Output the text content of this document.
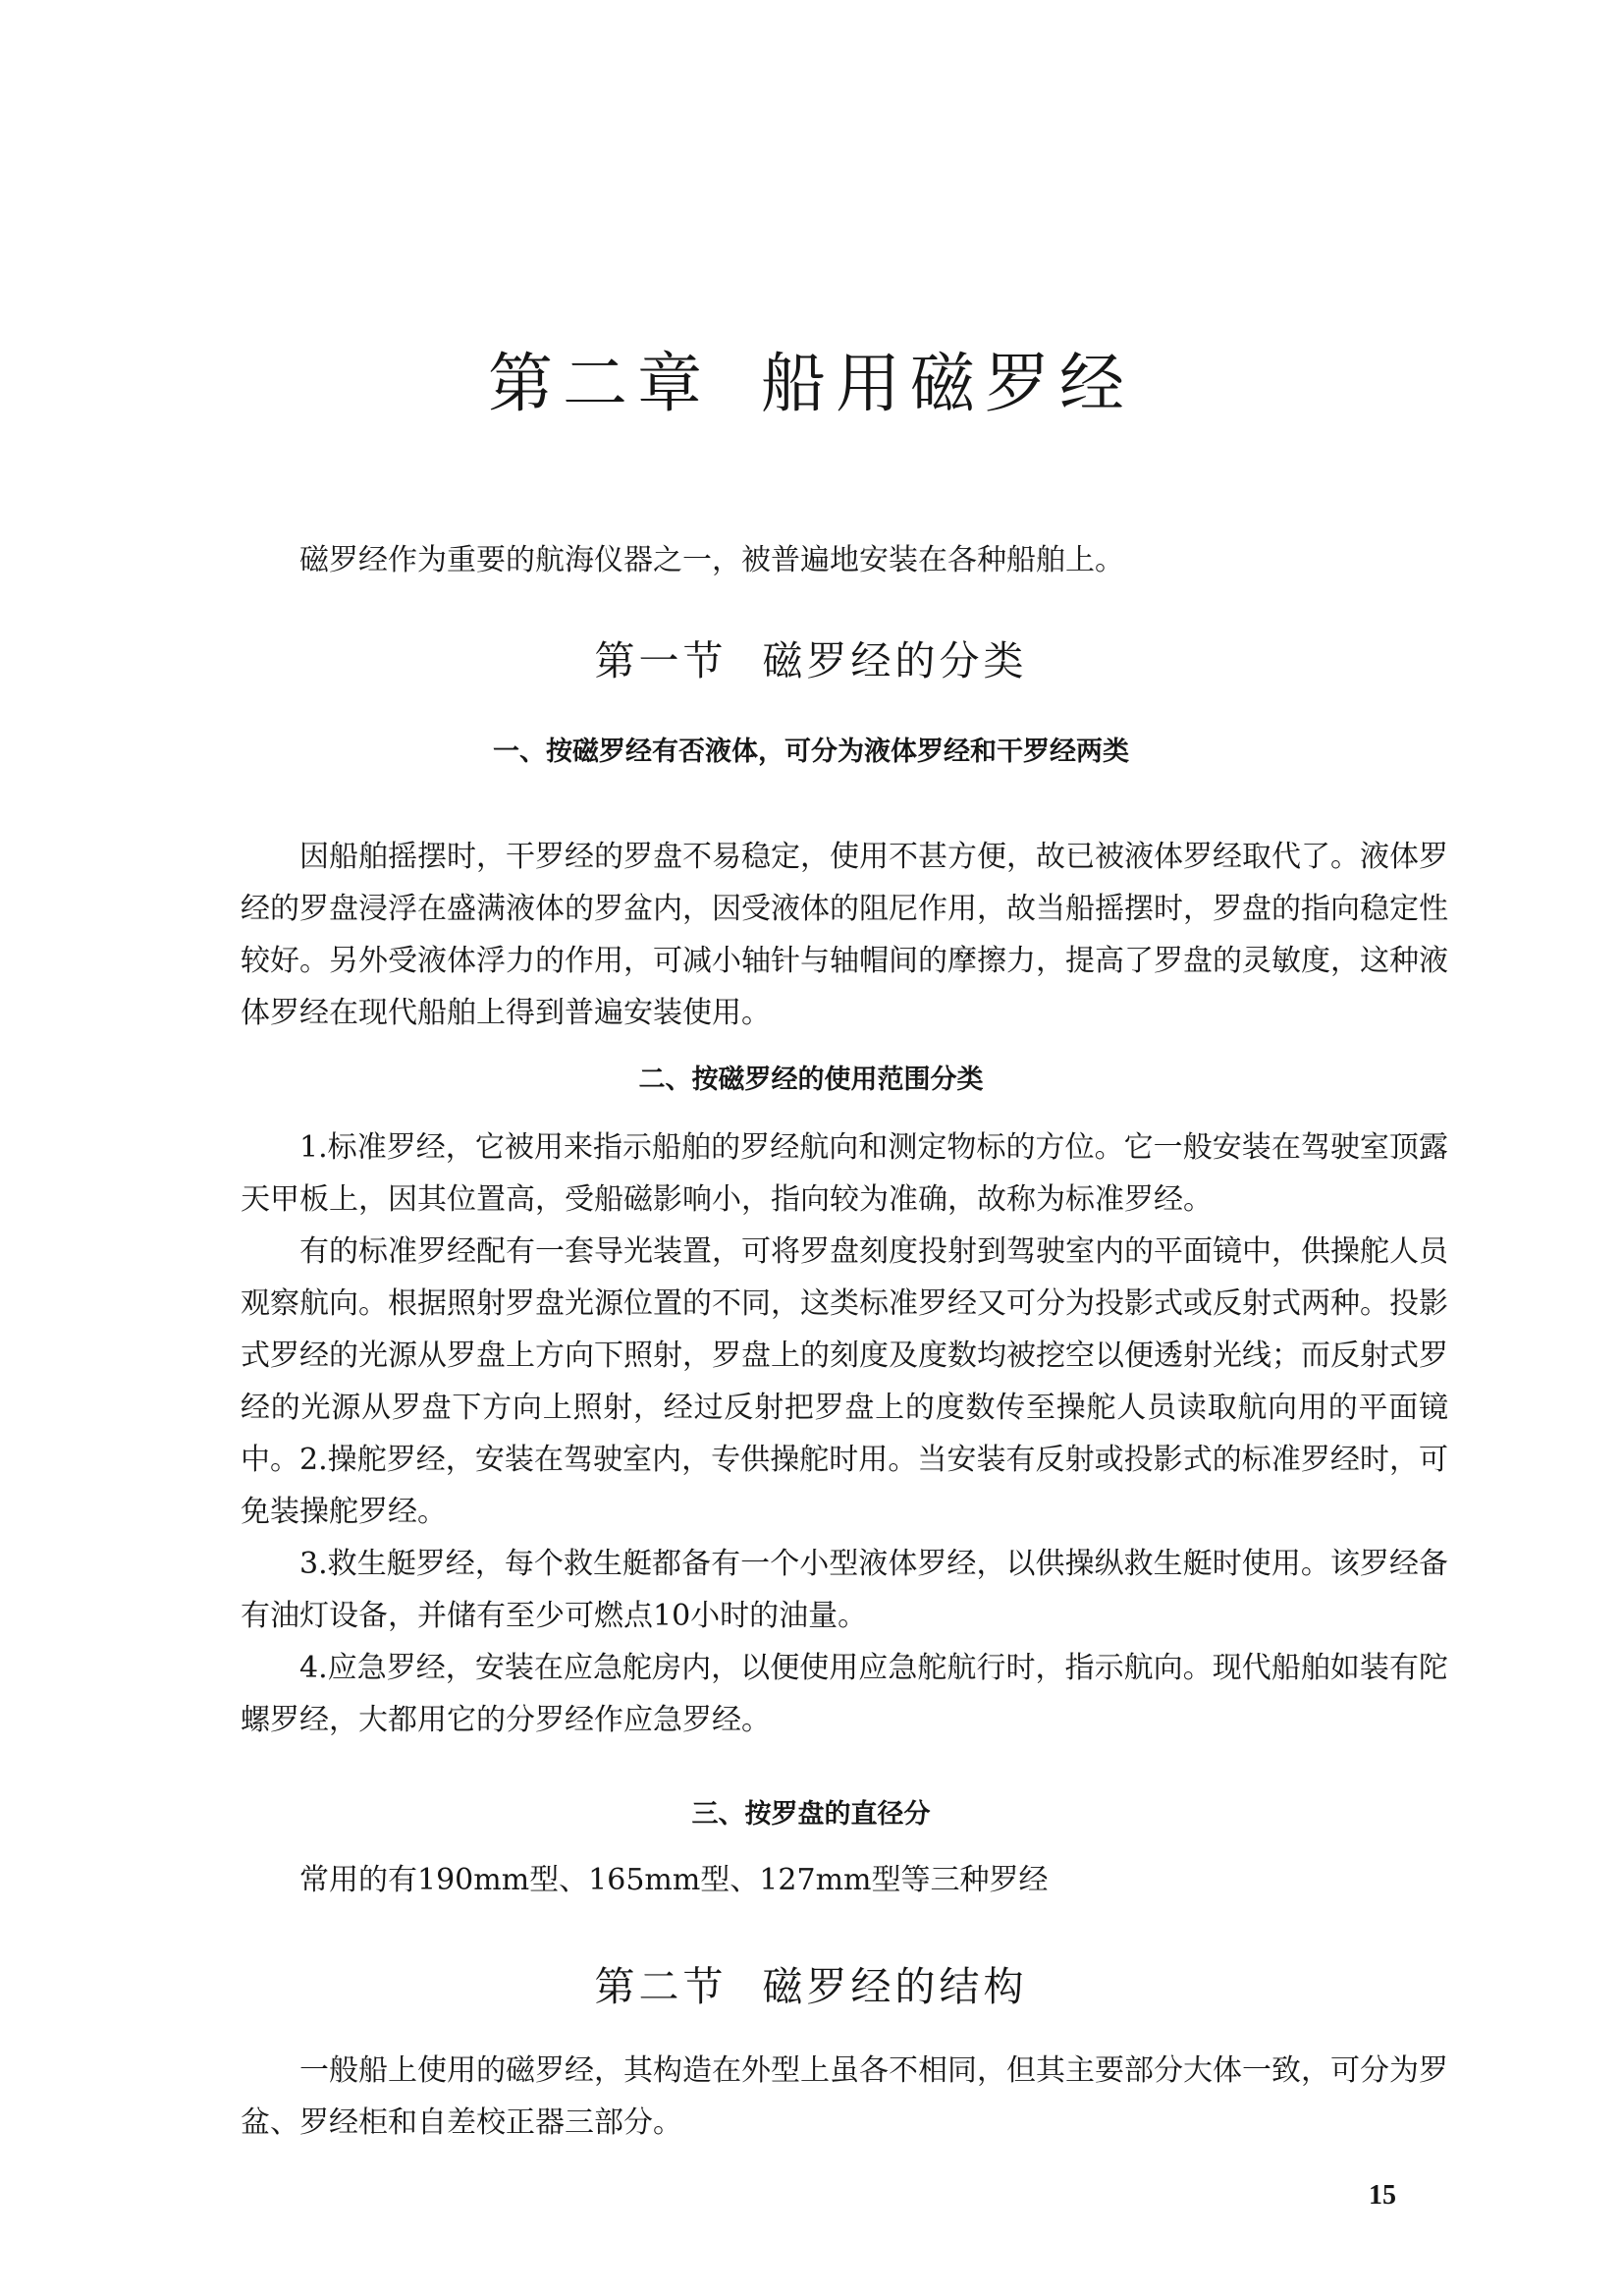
第二章 船用磁罗经

磁罗经作为重要的航海仪器之一，被普遍地安装在各种船舶上。

第一节 磁罗经的分类
一、按磁罗经有否液体，可分为液体罗经和干罗经两类

因船舶摇摆时，干罗经的罗盘不易稳定，使用不甚方便，故已被液体罗经取代了。液体罗经的罗盘浸浮在盛满液体的罗盆内，因受液体的阻尼作用，故当船摇摆时，罗盘的指向稳定性较好。另外受液体浮力的作用，可减小轴针与轴帽间的摩擦力，提高了罗盘的灵敏度，这种液体罗经在现代船舶上得到普遍安装使用。

二、按磁罗经的使用范围分类

1.标准罗经，它被用来指示船舶的罗经航向和测定物标的方位。它一般安装在驾驶室顶露天甲板上，因其位置高，受船磁影响小，指向较为准确，故称为标准罗经。

有的标准罗经配有一套导光装置，可将罗盘刻度投射到驾驶室内的平面镜中，供操舵人员观察航向。根据照射罗盘光源位置的不同，这类标准罗经又可分为投影式或反射式两种。投影式罗经的光源从罗盘上方向下照射，罗盘上的刻度及度数均被挖空以便透射光线；而反射式罗经的光源从罗盘下方向上照射，经过反射把罗盘上的度数传至操舵人员读取航向用的平面镜中。 2.操舵罗经，安装在驾驶室内，专供操舵时用。当安装有反射或投影式的标准罗经时，可免装操舵罗经。

3.救生艇罗经，每个救生艇都备有一个小型液体罗经，以供操纵救生艇时使用。该罗经备有油灯设备，并储有至少可燃点10小时的油量。

4.应急罗经，安装在应急舵房内，以便使用应急舵航行时，指示航向。现代船舶如装有陀螺罗经，大都用它的分罗经作应急罗经。

三、按罗盘的直径分

常用的有190mm型、165mm型、127mm型等三种罗经

第二节 磁罗经的结构

一般船上使用的磁罗经，其构造在外型上虽各不相同，但其主要部分大体一致，可分为罗盆、罗经柜和自差校正器三部分。

15
